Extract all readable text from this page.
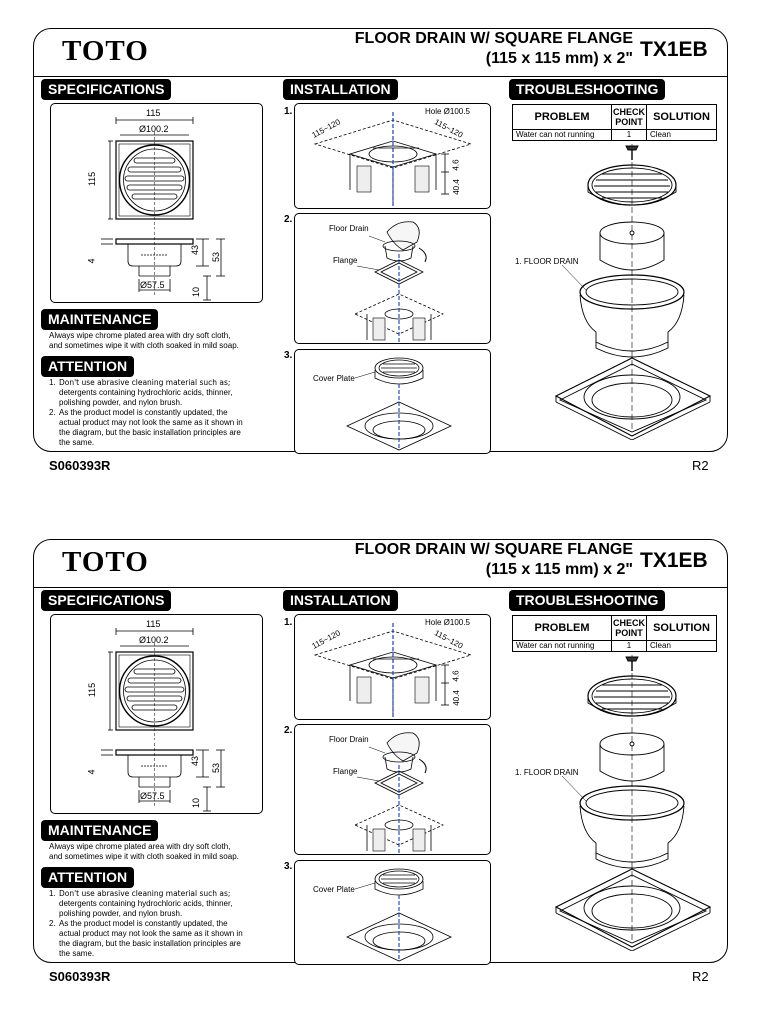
TOTO	FLOOR DRAIN W/ SQUARE FLANGE
(115 x 115 mm) x 2" TX1EB
SPECIFICATIONS	INSTALLATION	TROUBLESHOOTING
115
Ø100.2
115
4
43
53
Ø57.5
10
MAINTENANCE
Always wipe chrome plated area with dry soft cloth,
and sometimes wipe it with cloth soaked in mild soap.
ATTENTION
1. Don't use abrasive cleaning material such as;
detergents containing hydrochloric acids, thinner,
polishing powder, and nylon brush.
2. As the product model is constantly updated, the
actual product may not look the same as it shown in
the diagram, but the basic installation principles are
the same.
1.	Hole Ø100.5
115~120	115~120
4.6
40.4
2.
Floor Drain
Flange
3.
Cover Plate
PROBLEM	CHECK POINT	SOLUTION
Water can not running	1	Clean
1. FLOOR DRAIN
S060393R	R2
TOTO	FLOOR DRAIN W/ SQUARE FLANGE
(115 x 115 mm) x 2" TX1EB
SPECIFICATIONS	INSTALLATION	TROUBLESHOOTING
115
Ø100.2
115
4
43
53
Ø57.5
10
MAINTENANCE
Always wipe chrome plated area with dry soft cloth,
and sometimes wipe it with cloth soaked in mild soap.
ATTENTION
1. Don't use abrasive cleaning material such as;
detergents containing hydrochloric acids, thinner,
polishing powder, and nylon brush.
2. As the product model is constantly updated, the
actual product may not look the same as it shown in
the diagram, but the basic installation principles are
the same.
1.	Hole Ø100.5
115~120	115~120
4.6
40.4
2.
Floor Drain
Flange
3.
Cover Plate
PROBLEM	CHECK POINT	SOLUTION
Water can not running	1	Clean
1. FLOOR DRAIN
S060393R	R2
